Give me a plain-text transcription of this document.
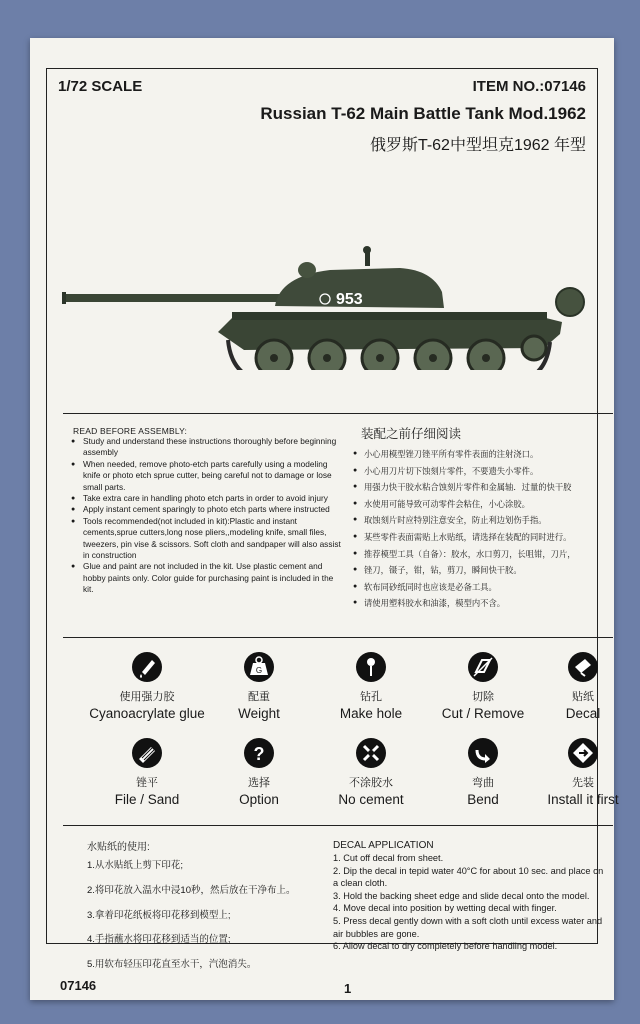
1/72 SCALE	ITEM NO.:07146
Russian T-62 Main Battle Tank Mod.1962
俄罗斯T-62中型坦克1962 年型
953
READ BEFORE ASSEMBLY:
● Study and understand these instructions thoroughly before beginning assembly
● When needed, remove photo-etch parts carefully using a modeling knife or photo etch sprue cutter, being careful not to damage or lose small parts.
● Take extra care in handling photo etch parts in order to avoid injury
● Apply instant cement sparingly to photo etch parts where instructed
● Tools recommended(not included in kit):Plastic and instant cements,sprue cutters,long nose pliers,,modeling knife, small files, tweezers, pin vise & scissors. Soft cloth and sandpaper will also assist in construction
● Glue and paint are not included in the kit. Use plastic cement and hobby paints only. Color guide for purchasing paint is included in the kit.
装配之前仔细阅读
● 小心用模型锉刀锉平所有零件表面的注射浇口。
● 小心用刀片切下蚀刻片零件，不要遗失小零件。
● 用强力快干胶水粘合蚀刻片零件和金属轴．过量的快干胶
● 水使用可能导致可动零件会粘住，小心涂胶。
● 取蚀刻片时应特别注意安全，防止利边划伤手指。
● 某些零件表面需贴上水贴纸，请选择在装配的同时进行。
● 推荐模型工具（自备）：胶水，水口剪刀，长咀钳，刀片，
● 锉刀，镊子，钳，钻，剪刀，瞬间快干胶。
● 软布同砂纸同时也应该是必备工具。
● 请使用塑料胶水和油漆，模型内不含。
使用强力胶
Cyanoacrylate glue
G
配重
Weight
钻孔
Make hole
切除
Cut / Remove
贴纸
Decal
锉平
File / Sand
?
选择
Option
不涂胶水
No cement
弯曲
Bend
先装
Install it first
水贴纸的使用:
1.从水贴纸上剪下印花;
2.将印花放入温水中浸10秒，然后放在干净布上。
3.拿着印花纸板将印花移到模型上;
4.手指蘸水将印花移到适当的位置;
5.用软布轻压印花直至水干，汽泡消失。
DECAL APPLICATION
1. Cut off decal from sheet.
2. Dip the decal in tepid water 40°C for about 10 sec. and place on a clean cloth.
3. Hold the backing sheet edge and slide decal onto the model.
4. Move decal into position by wetting decal with finger.
5. Press decal gently down with a soft cloth until excess water and air bubbles are gone.
6. Allow decal to dry completely before handling model.
07146	1
